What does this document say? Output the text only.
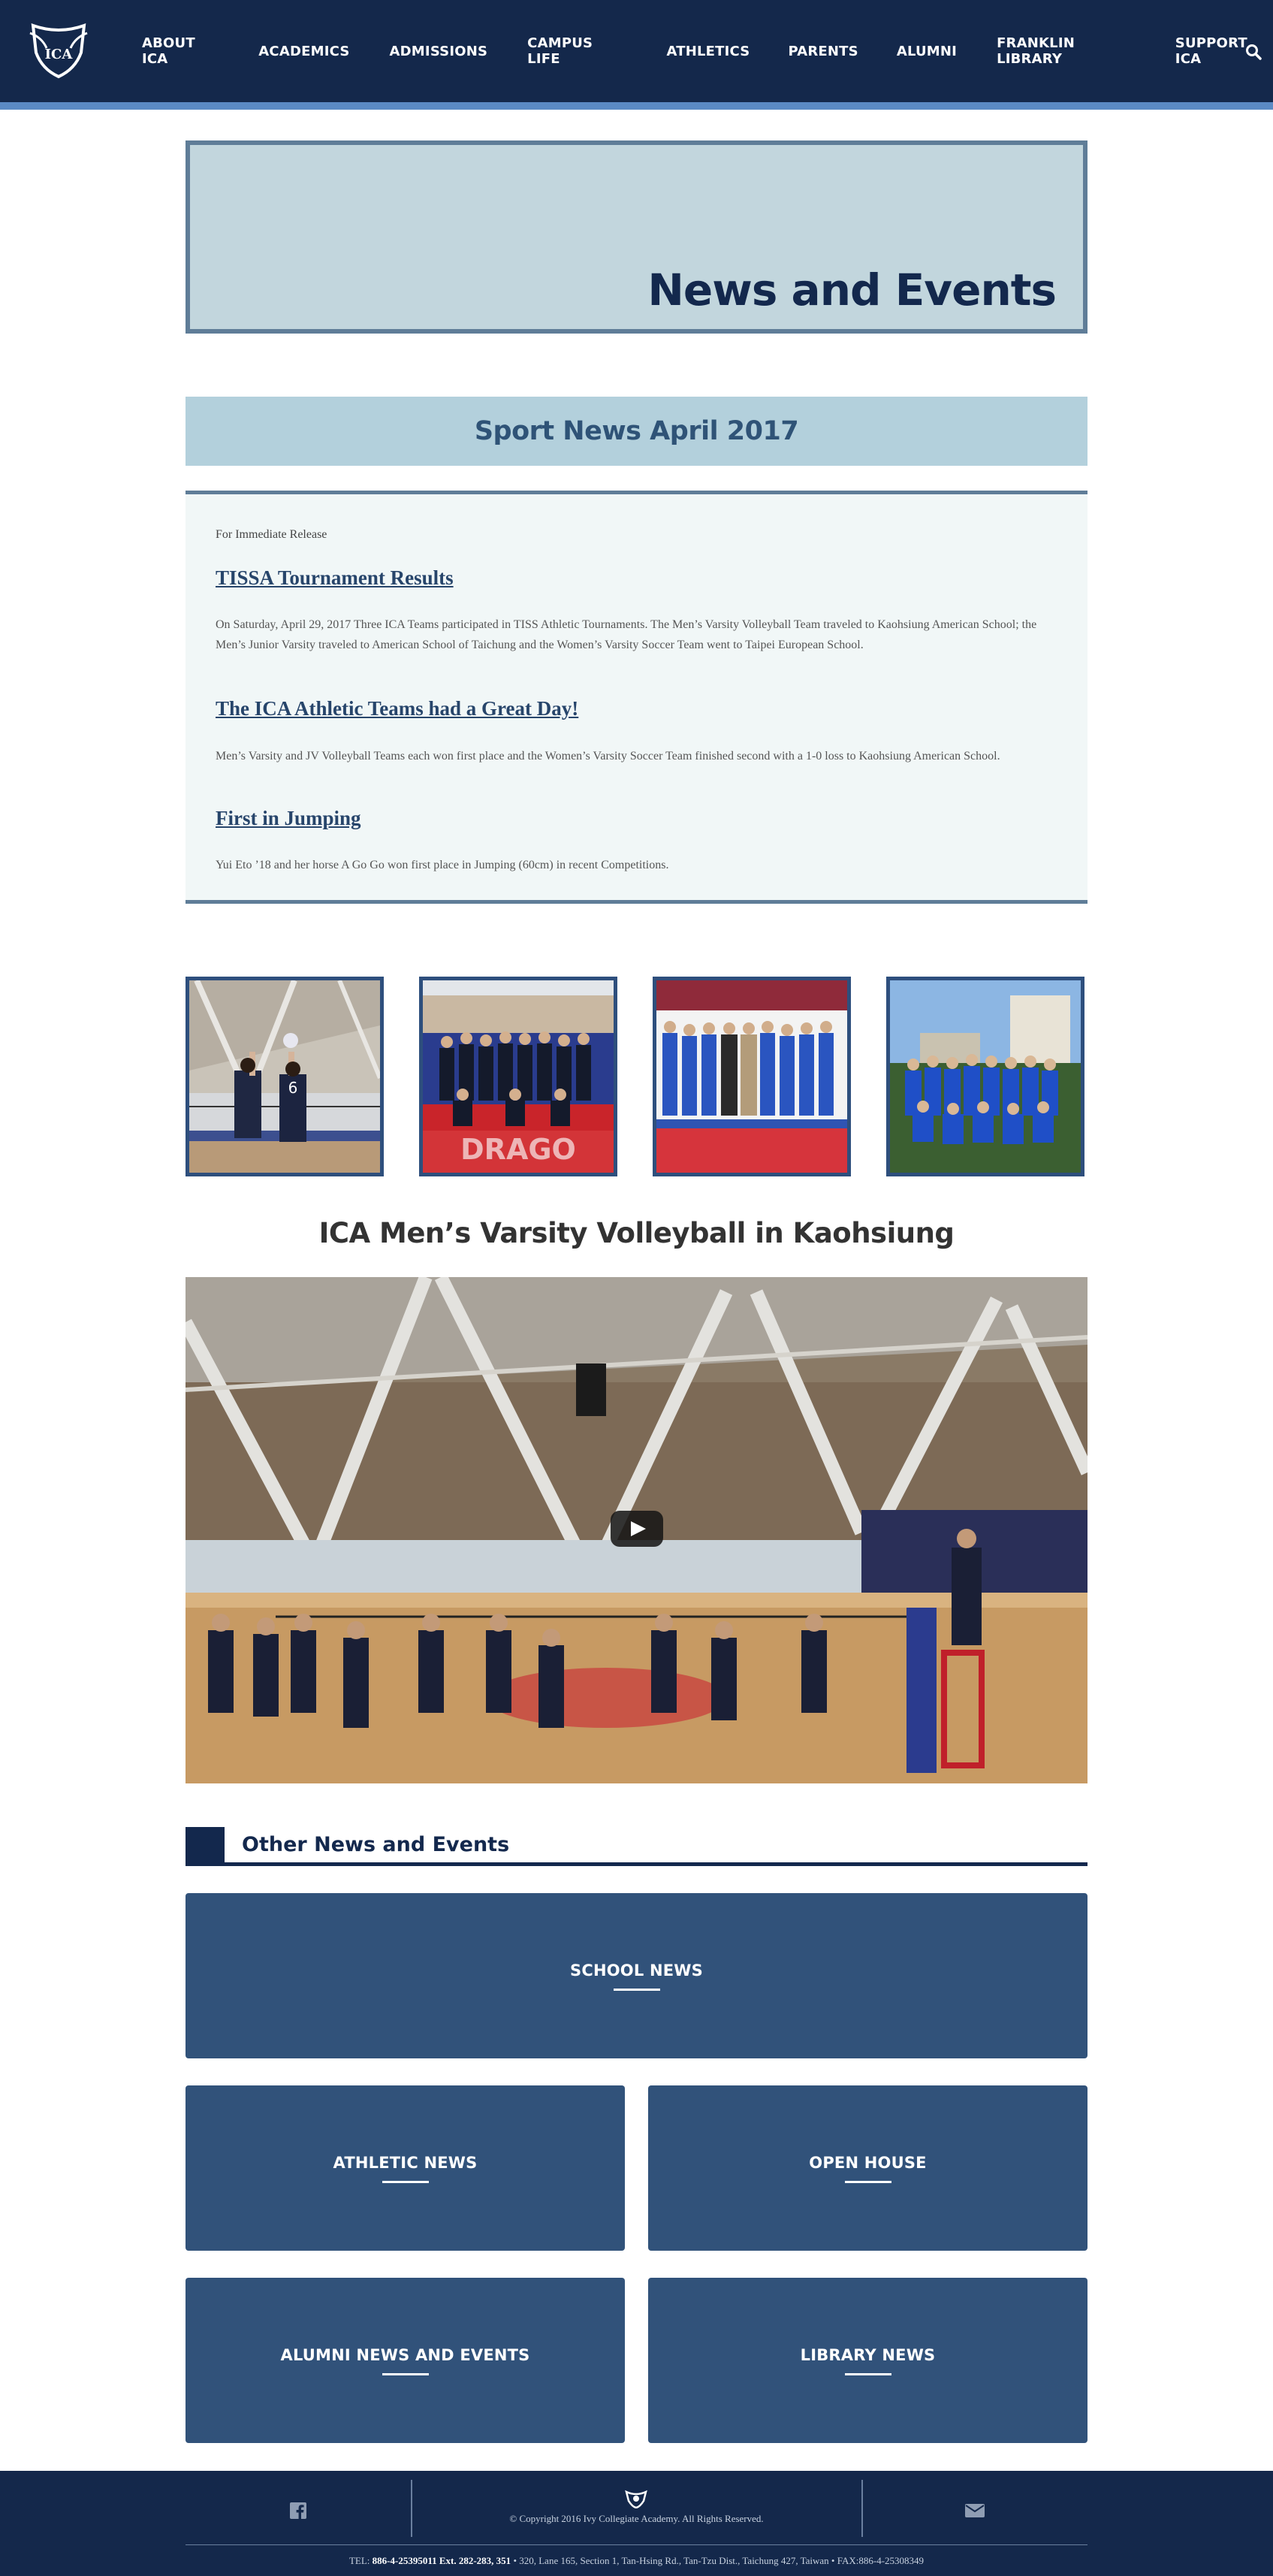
ICA
ABOUT ICA	ACADEMICS	ADMISSIONS	CAMPUS LIFE	ATHLETICS	PARENTS	ALUMNI	FRANKLIN LIBRARY
SUPPORT ICA
News and Events
Sport News April 2017
For Immediate Release
TISSA Tournament Results
On Saturday, April 29, 2017 Three ICA Teams participated in TISS Athletic Tournaments. The Men’s Varsity Volleyball Team traveled to Kaohsiung American School; the Men’s Junior Varsity traveled to American School of Taichung and the Women’s Varsity Soccer Team went to Taipei European School.
The ICA Athletic Teams had a Great Day!
Men’s Varsity and JV Volleyball Teams each won first place and the Women’s Varsity Soccer Team finished second with a 1-0 loss to Kaohsiung American School.
First in Jumping
Yui Eto ’18 and her horse A Go Go won first place in Jumping (60cm) in recent Competitions.
6
DRAGO
ICA Men’s Varsity Volleyball in Kaohsiung
Other News and Events
SCHOOL NEWS
ATHLETIC NEWS	OPEN HOUSE
ALUMNI NEWS AND EVENTS	LIBRARY NEWS
© Copyright 2016 Ivy Collegiate Academy. All Rights Reserved.
TEL: 886-4-25395011 Ext. 282-283, 351 • 320, Lane 165, Section 1, Tan-Hsing Rd., Tan-Tzu Dist., Taichung 427, Taiwan • FAX:886-4-25308349
